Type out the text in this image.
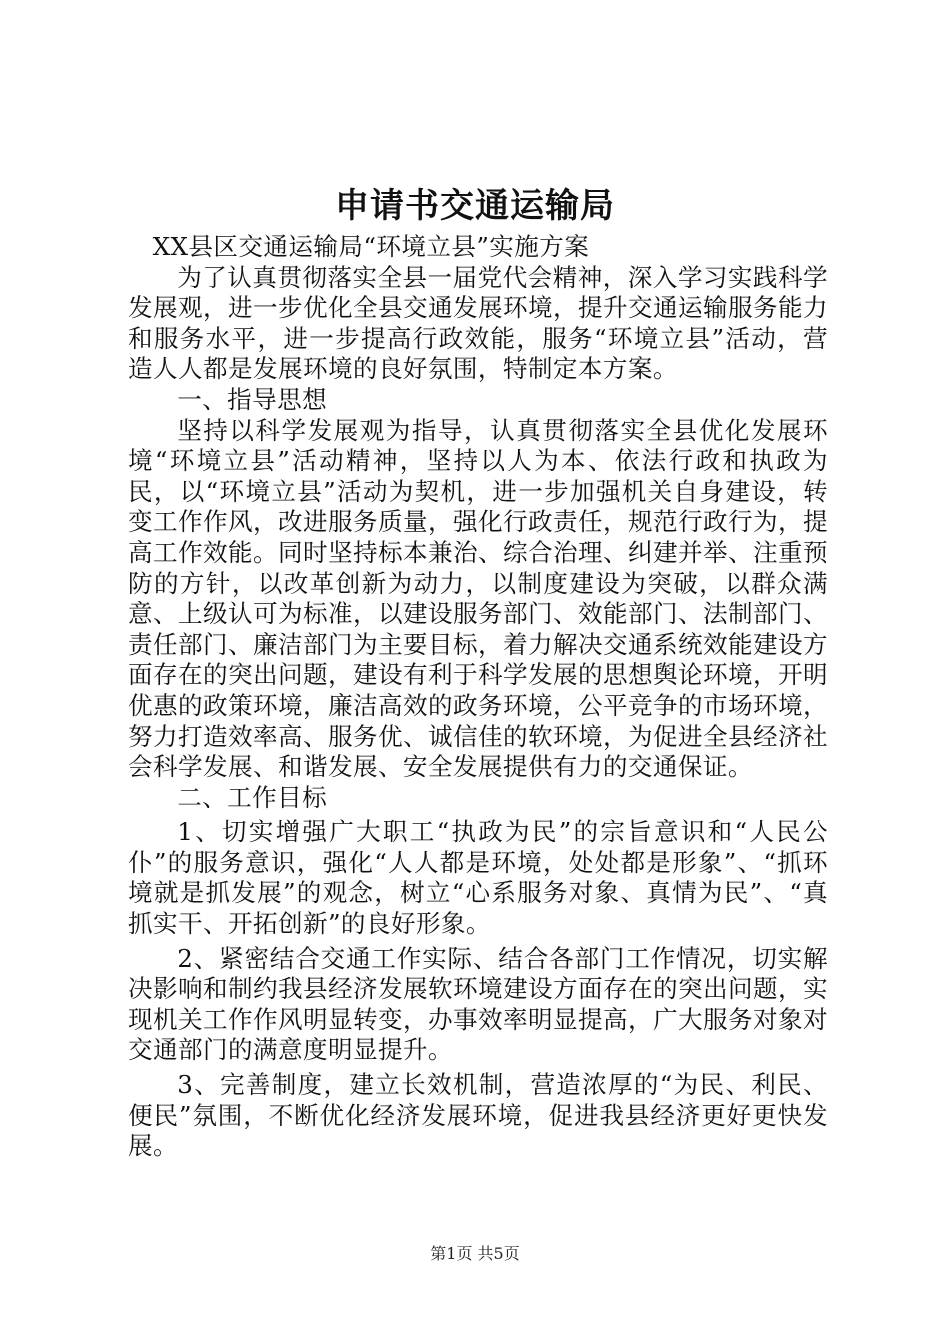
申请书交通运输局

XX县区交通运输局“环境立县”实施方案

为了认真贯彻落实全县一届党代会精神，深入学习实践科学发展观，进一步优化全县交通发展环境，提升交通运输服务能力和服务水平，进一步提高行政效能，服务“环境立县”活动，营造人人都是发展环境的良好氛围，特制定本方案。

一、指导思想

坚持以科学发展观为指导，认真贯彻落实全县优化发展环境“环境立县”活动精神，坚持以人为本、依法行政和执政为民，以“环境立县”活动为契机，进一步加强机关自身建设，转变工作作风，改进服务质量，强化行政责任，规范行政行为，提高工作效能。同时坚持标本兼治、综合治理、纠建并举、注重预防的方针，以改革创新为动力，以制度建设为突破，以群众满意、上级认可为标准，以建设服务部门、效能部门、法制部门、责任部门、廉洁部门为主要目标，着力解决交通系统效能建设方面存在的突出问题，建设有利于科学发展的思想舆论环境，开明优惠的政策环境，廉洁高效的政务环境，公平竞争的市场环境，努力打造效率高、服务优、诚信佳的软环境，为促进全县经济社会科学发展、和谐发展、安全发展提供有力的交通保证。

二、工作目标

1、切实增强广大职工“执政为民”的宗旨意识和“人民公仆”的服务意识，强化“人人都是环境，处处都是形象”、“抓环境就是抓发展”的观念，树立“心系服务对象、真情为民”、“真抓实干、开拓创新”的良好形象。

2、紧密结合交通工作实际、结合各部门工作情况，切实解决影响和制约我县经济发展软环境建设方面存在的突出问题，实现机关工作作风明显转变，办事效率明显提高，广大服务对象对交通部门的满意度明显提升。

3、完善制度，建立长效机制，营造浓厚的“为民、利民、便民”氛围，不断优化经济发展环境，促进我县经济更好更快发展。

第1页 共5页
